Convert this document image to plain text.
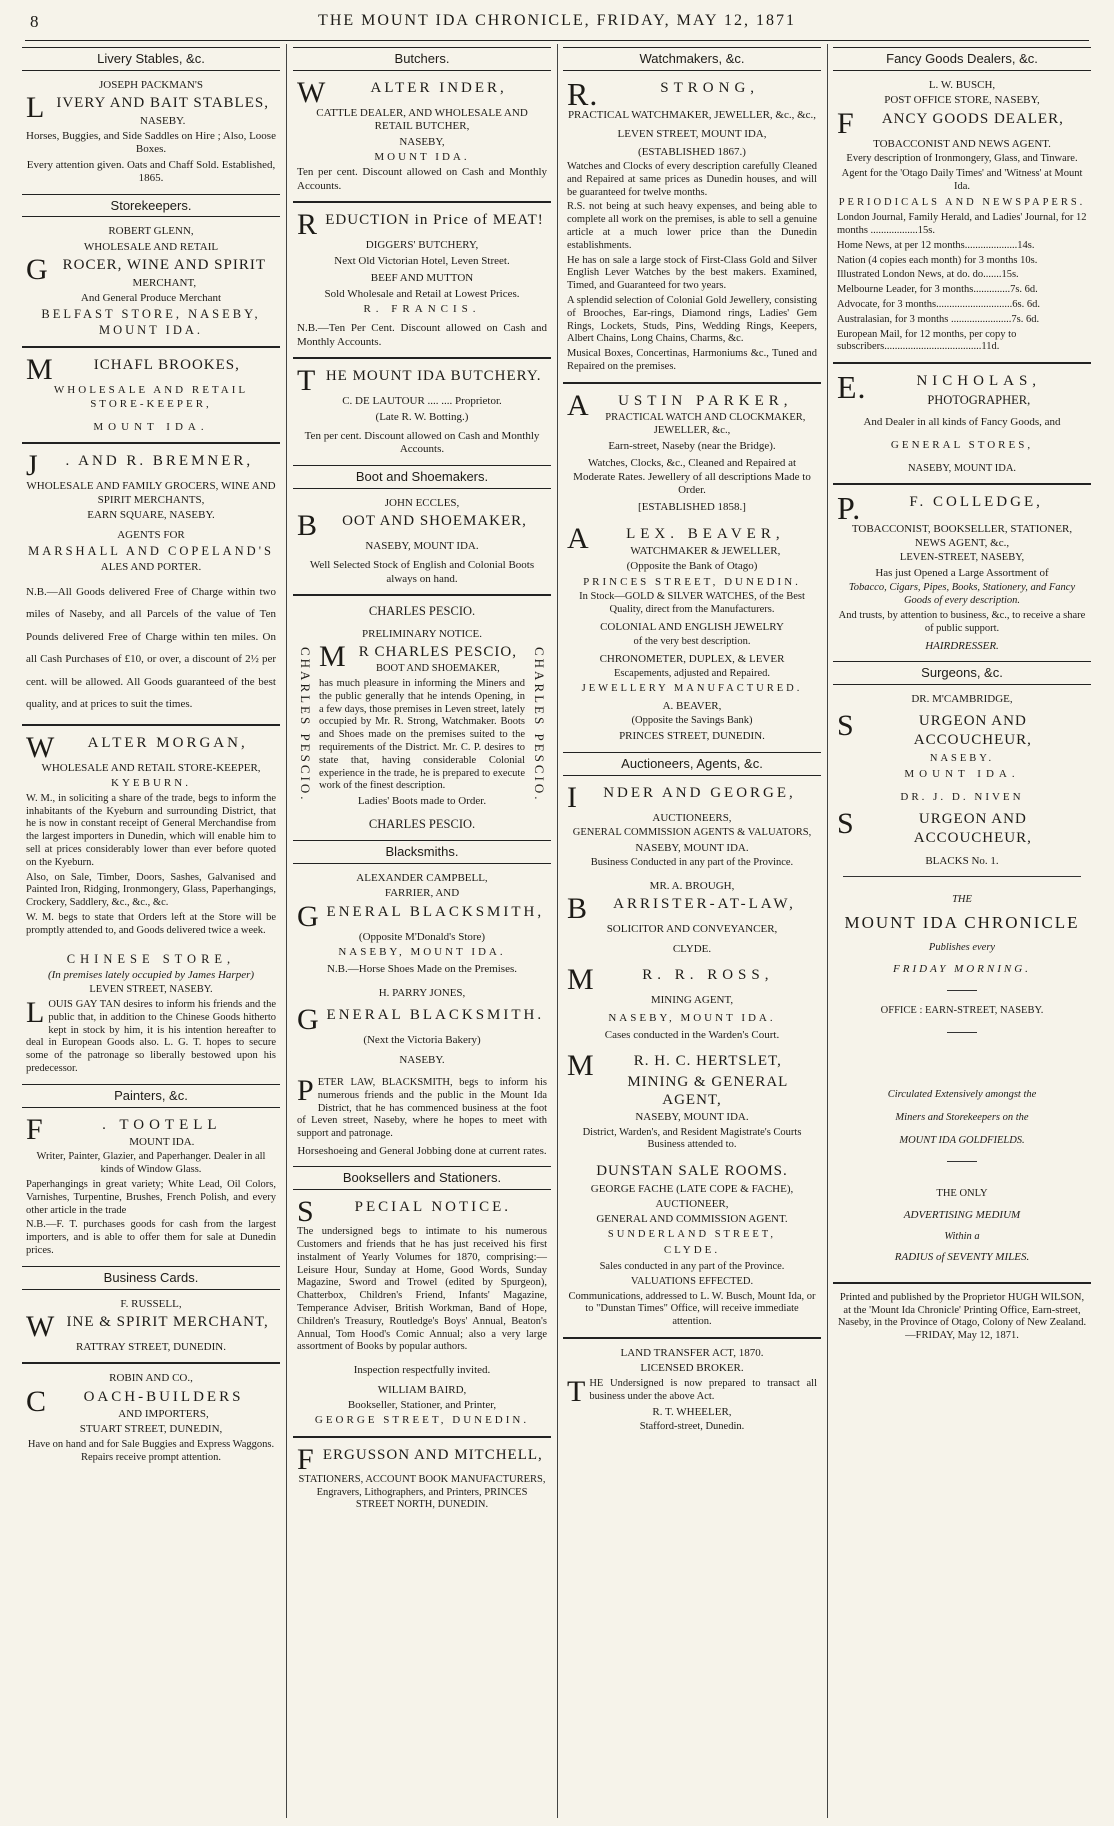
8	THE MOUNT IDA CHRONICLE, FRIDAY, MAY 12, 1871
Livery Stables, &c.

JOSEPH PACKMAN'S

LIVERY AND BAIT STABLES,

NASEBY.

Horses, Buggies, and Side Saddles on Hire ; Also, Loose Boxes.

Every attention given. Oats and Chaff Sold. Established, 1865.

Storekeepers.

ROBERT GLENN,

WHOLESALE AND RETAIL

GROCER, WINE AND SPIRIT

MERCHANT,

And General Produce Merchant

BELFAST STORE, NASEBY, MOUNT IDA.

M	ICHAFL BROOKES,

WHOLESALE AND RETAIL STORE-KEEPER,

MOUNT IDA.

J . AND R. BREMNER,

WHOLESALE AND FAMILY GROCERS, WINE AND SPIRIT MERCHANTS,

EARN SQUARE, NASEBY.

AGENTS FOR

MARSHALL AND COPELAND'S

ALES AND PORTER.

N.B.—All Goods delivered Free of Charge within two miles of Naseby, and all Parcels of the value of Ten Pounds delivered Free of Charge within ten miles. On all Cash Purchases of £10, or over, a discount of 2½ per cent. will be allowed. All Goods guaranteed of the best quality, and at prices to suit the times.

W ALTER MORGAN,

WHOLESALE AND RETAIL STORE-KEEPER,

KYEBURN.

W. M., in soliciting a share of the trade, begs to inform the inhabitants of the Kyeburn and surrounding District, that he is now in constant receipt of General Merchandise from the largest importers in Dunedin, which will enable him to sell at prices considerably lower than ever before quoted on the Kyeburn.

Also, on Sale, Timber, Doors, Sashes, Galvanised and Painted Iron, Ridging, Ironmongery, Glass, Paperhangings, Crockery, Saddlery, &c., &c., &c.

W. M. begs to state that Orders left at the Store will be promptly attended to, and Goods delivered twice a week.

CHINESE STORE,

(In premises lately occupied by James Harper)

LEVEN STREET, NASEBY.

LOUIS GAY TAN desires to inform his friends and the public that, in addition to the Chinese Goods hitherto kept in stock by him, it is his intention hereafter to deal in European Goods also. L. G. T. hopes to secure some of the patronage so liberally bestowed upon his predecessor.

Painters, &c.

F	. TOOTELL

MOUNT IDA.

Writer, Painter, Glazier, and Paperhanger. Dealer in all kinds of Window Glass.

Paperhangings in great variety; White Lead, Oil Colors, Varnishes, Turpentine, Brushes, French Polish, and every other article in the trade

N.B.—F. T. purchases goods for cash from the largest importers, and is able to offer them for sale at Dunedin prices.

Business Cards.

F. RUSSELL,

WINE & SPIRIT MERCHANT,

RATTRAY STREET, DUNEDIN.

ROBIN AND CO.,

C OACH-BUILDERS

AND IMPORTERS,

STUART STREET, DUNEDIN,

Have on hand and for Sale Buggies and Express Waggons. Repairs receive prompt attention.

Butchers.

W	ALTER INDER,

CATTLE DEALER, AND WHOLESALE AND RETAIL BUTCHER,

NASEBY,

MOUNT IDA.

Ten per cent. Discount allowed on Cash and Monthly Accounts.

REDUCTION in Price of MEAT!

DIGGERS' BUTCHERY,

Next Old Victorian Hotel, Leven Street.

BEEF AND MUTTON

Sold Wholesale and Retail at Lowest Prices.

R. FRANCIS.

N.B.—Ten Per Cent. Discount allowed on Cash and Monthly Accounts.

THE MOUNT IDA BUTCHERY.

C. DE LAUTOUR .... .... Proprietor.

(Late R. W. Botting.)

Ten per cent. Discount allowed on Cash and Monthly Accounts.

Boot and Shoemakers.

JOHN ECCLES,

B OOT AND SHOEMAKER,

NASEBY, MOUNT IDA.

Well Selected Stock of English and Colonial Boots always on hand.

CHARLES PESCIO.

PRELIMINARY NOTICE.

CHARLES PESCIO.	CHARLES PESCIO.

M R CHARLES PESCIO,

BOOT AND SHOEMAKER,

has much pleasure in informing the Miners and the public generally that he intends Opening, in a few days, those premises in Leven street, lately occupied by Mr. R. Strong, Watchmaker. Boots and Shoes made on the premises suited to the requirements of the District. Mr. C. P. desires to state that, having considerable Colonial experience in the trade, he is prepared to execute work of the finest description.

Ladies' Boots made to Order.

CHARLES PESCIO.

Blacksmiths.

ALEXANDER CAMPBELL,

FARRIER, AND

GENERAL BLACKSMITH,

(Opposite M'Donald's Store)

NASEBY, MOUNT IDA.

N.B.—Horse Shoes Made on the Premises.

H. PARRY JONES,

GENERAL BLACKSMITH.

(Next the Victoria Bakery)

NASEBY.

PETER LAW, BLACKSMITH, begs to inform his numerous friends and the public in the Mount Ida District, that he has commenced business at the foot of Leven street, Naseby, where he hopes to meet with support and patronage.

Horseshoeing and General Jobbing done at current rates.

Booksellers and Stationers.

S	PECIAL NOTICE.

The undersigned begs to intimate to his numerous Customers and friends that he has just received his first instalment of Yearly Volumes for 1870, comprising:—Leisure Hour, Sunday at Home, Good Words, Sunday Magazine, Sword and Trowel (edited by Spurgeon), Chatterbox, Children's Friend, Infants' Magazine, Temperance Adviser, British Workman, Band of Hope, Children's Treasury, Routledge's Boys' Annual, Beaton's Annual, Tom Hood's Comic Annual; also a very large assortment of Books by popular authors.

Inspection respectfully invited.

WILLIAM BAIRD,

Bookseller, Stationer, and Printer,

GEORGE STREET, DUNEDIN.

FERGUSSON AND MITCHELL,

STATIONERS, ACCOUNT BOOK MANUFACTURERS, Engravers, Lithographers, and Printers, PRINCES STREET NORTH, DUNEDIN.

Watchmakers, &c.

R.	STRONG,

PRACTICAL WATCHMAKER, JEWELLER, &c., &c.,

LEVEN STREET, MOUNT IDA,

(ESTABLISHED 1867.)

Watches and Clocks of every description carefully Cleaned and Repaired at same prices as Dunedin houses, and will be guaranteed for twelve months.

R.S. not being at such heavy expenses, and being able to complete all work on the premises, is able to sell a genuine article at a much lower price than the Dunedin establishments.

He has on sale a large stock of First-Class Gold and Silver English Lever Watches by the best makers. Examined, Timed, and Guaranteed for two years.

A splendid selection of Colonial Gold Jewellery, consisting of Brooches, Ear-rings, Diamond rings, Ladies' Gem Rings, Lockets, Studs, Pins, Wedding Rings, Keepers, Albert Chains, Long Chains, Charms, &c.

Musical Boxes, Concertinas, Harmoniums &c., Tuned and Repaired on the premises.

A USTIN PARKER,

PRACTICAL WATCH AND CLOCKMAKER, JEWELLER, &c.,

Earn-street, Naseby (near the Bridge).

Watches, Clocks, &c., Cleaned and Repaired at Moderate Rates. Jewellery of all descriptions Made to Order.

[ESTABLISHED 1858.]

A LEX. BEAVER,

WATCHMAKER & JEWELLER,

(Opposite the Bank of Otago)

PRINCES STREET, DUNEDIN.

In Stock—GOLD & SILVER WATCHES, of the Best Quality, direct from the Manufacturers.

COLONIAL AND ENGLISH JEWELRY

of the very best description.

CHRONOMETER, DUPLEX, & LEVER

Escapements, adjusted and Repaired.

JEWELLERY MANUFACTURED.

A. BEAVER,

(Opposite the Savings Bank)

PRINCES STREET, DUNEDIN.

Auctioneers, Agents, &c.

I NDER AND GEORGE,

AUCTIONEERS,

GENERAL COMMISSION AGENTS & VALUATORS,

NASEBY, MOUNT IDA.

Business Conducted in any part of the Province.

MR. A. BROUGH,

B ARRISTER-AT-LAW,

SOLICITOR AND CONVEYANCER,

CLYDE.

M	R. R. ROSS,

MINING AGENT,

NASEBY, MOUNT IDA.

Cases conducted in the Warden's Court.

M	R. H. C. HERTSLET,

MINING & GENERAL AGENT,

NASEBY, MOUNT IDA.

District, Warden's, and Resident Magistrate's Courts Business attended to.

DUNSTAN SALE ROOMS.

GEORGE FACHE (LATE COPE & FACHE),

AUCTIONEER,

GENERAL AND COMMISSION AGENT.

SUNDERLAND STREET,

CLYDE.

Sales conducted in any part of the Province.

VALUATIONS EFFECTED.

Communications, addressed to L. W. Busch, Mount Ida, or to "Dunstan Times" Office, will receive immediate attention.

LAND TRANSFER ACT, 1870.

LICENSED BROKER.

THE Undersigned is now prepared to transact all business under the above Act.

R. T. WHEELER,

Stafford-street, Dunedin.

Fancy Goods Dealers, &c.

L. W. BUSCH,

POST OFFICE STORE, NASEBY,

F ANCY GOODS DEALER,

TOBACCONIST AND NEWS AGENT.

Every description of Ironmongery, Glass, and Tinware.

Agent for the 'Otago Daily Times' and 'Witness' at Mount Ida.

PERIODICALS AND NEWSPAPERS.

London Journal, Family Herald, and Ladies' Journal, for 12 months ..................15s.

Home News, at per 12 months....................14s.

Nation (4 copies each month) for 3 months 10s.

Illustrated London News, at do. do.......15s.

Melbourne Leader, for 3 months..............7s. 6d.

Advocate, for 3 months.............................6s. 6d.

Australasian, for 3 months .......................7s. 6d.

European Mail, for 12 months, per copy to subscribers.....................................11d.

E.	NICHOLAS,

PHOTOGRAPHER,

And Dealer in all kinds of Fancy Goods, and

GENERAL STORES,

NASEBY, MOUNT IDA.

P.	F. COLLEDGE,

TOBACCONIST, BOOKSELLER, STATIONER, NEWS AGENT, &c.,

LEVEN-STREET, NASEBY,

Has just Opened a Large Assortment of

Tobacco, Cigars, Pipes, Books, Stationery, and Fancy Goods of every description.

And trusts, by attention to business, &c., to receive a share of public support.

HAIRDRESSER.

Surgeons, &c.

DR. M'CAMBRIDGE,

S	URGEON AND ACCOUCHEUR,

NASEBY.

MOUNT IDA.

DR. J. D. NIVEN

S	URGEON AND ACCOUCHEUR,

BLACKS No. 1.

THE

MOUNT IDA CHRONICLE

Publishes every

FRIDAY MORNING.

OFFICE : EARN-STREET, NASEBY.

Circulated Extensively amongst the

Miners and Storekeepers on the

MOUNT IDA GOLDFIELDS.

THE ONLY

ADVERTISING MEDIUM

Within a

RADIUS of SEVENTY MILES.

Printed and published by the Proprietor HUGH WILSON, at the 'Mount Ida Chronicle' Printing Office, Earn-street, Naseby, in the Province of Otago, Colony of New Zealand. —FRIDAY, May 12, 1871.
